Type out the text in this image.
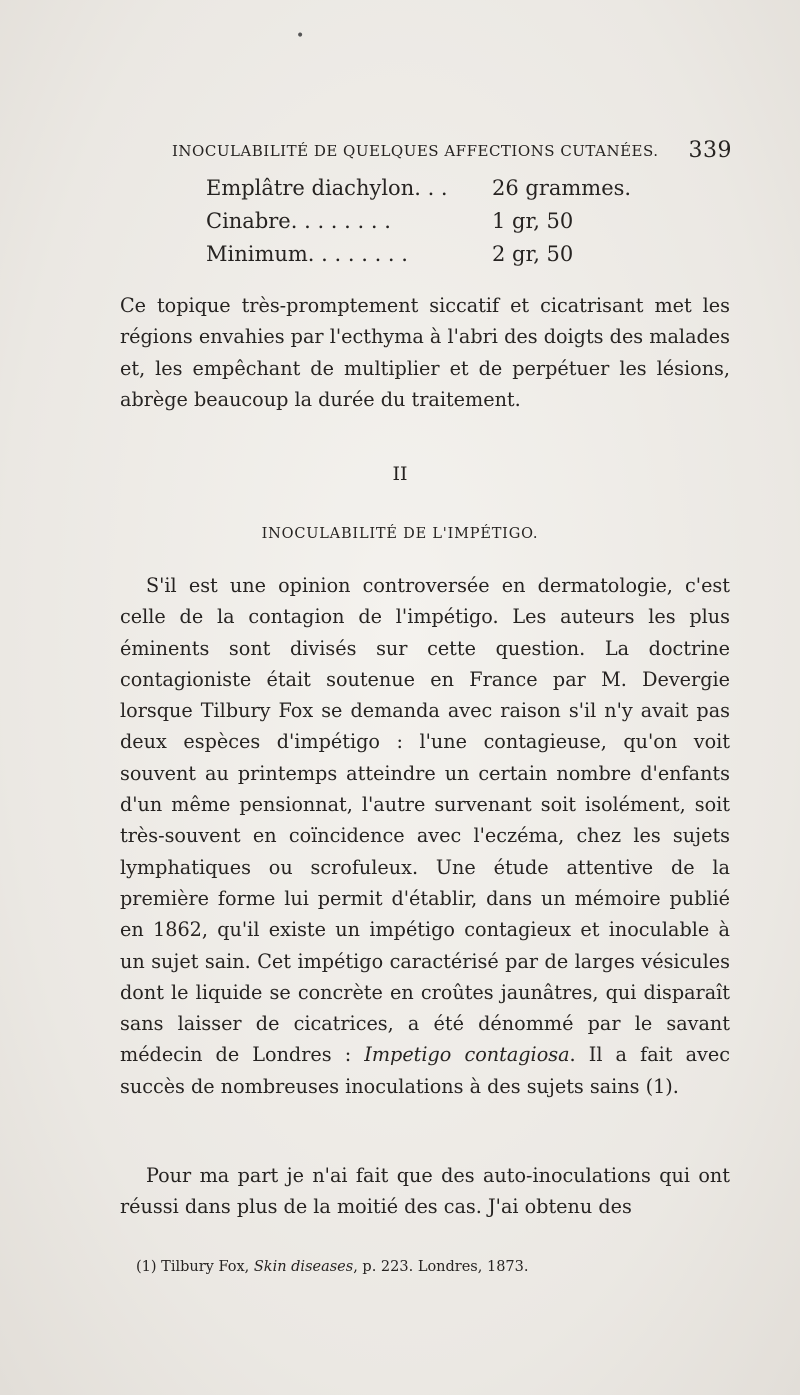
•
INOCULABILITÉ DE QUELQUES AFFECTIONS CUTANÉES. 339
Emplâtre diachylon. . . 26 grammes.
Cinabre. . . . . . . .	1 gr, 50
Minimum. . . . . . . .	2 gr, 50

Ce topique très-promptement siccatif et cicatrisant met les régions envahies par l'ecthyma à l'abri des doigts des malades et, les empêchant de multiplier et de perpétuer les lésions, abrège beaucoup la durée du traitement.

II
INOCULABILITÉ DE L'IMPÉTIGO.

S'il est une opinion controversée en dermatologie, c'est celle de la contagion de l'impétigo. Les auteurs les plus éminents sont divisés sur cette question. La doctrine contagioniste était soutenue en France par M. Devergie lorsque Tilbury Fox se demanda avec raison s'il n'y avait pas deux espèces d'impétigo : l'une contagieuse, qu'on voit souvent au printemps atteindre un certain nombre d'enfants d'un même pensionnat, l'autre survenant soit isolément, soit très-souvent en coïncidence avec l'eczéma, chez les sujets lymphatiques ou scrofuleux. Une étude attentive de la première forme lui permit d'établir, dans un mémoire publié en 1862, qu'il existe un impétigo contagieux et inoculable à un sujet sain. Cet impétigo caractérisé par de larges vésicules dont le liquide se concrète en croûtes jaunâtres, qui disparaît sans laisser de cicatrices, a été dénommé par le savant médecin de Londres : Impetigo contagiosa. Il a fait avec succès de nombreuses inoculations à des sujets sains (1).

Pour ma part je n'ai fait que des auto-inoculations qui ont réussi dans plus de la moitié des cas. J'ai obtenu des

(1) Tilbury Fox, Skin diseases, p. 223. Londres, 1873.
